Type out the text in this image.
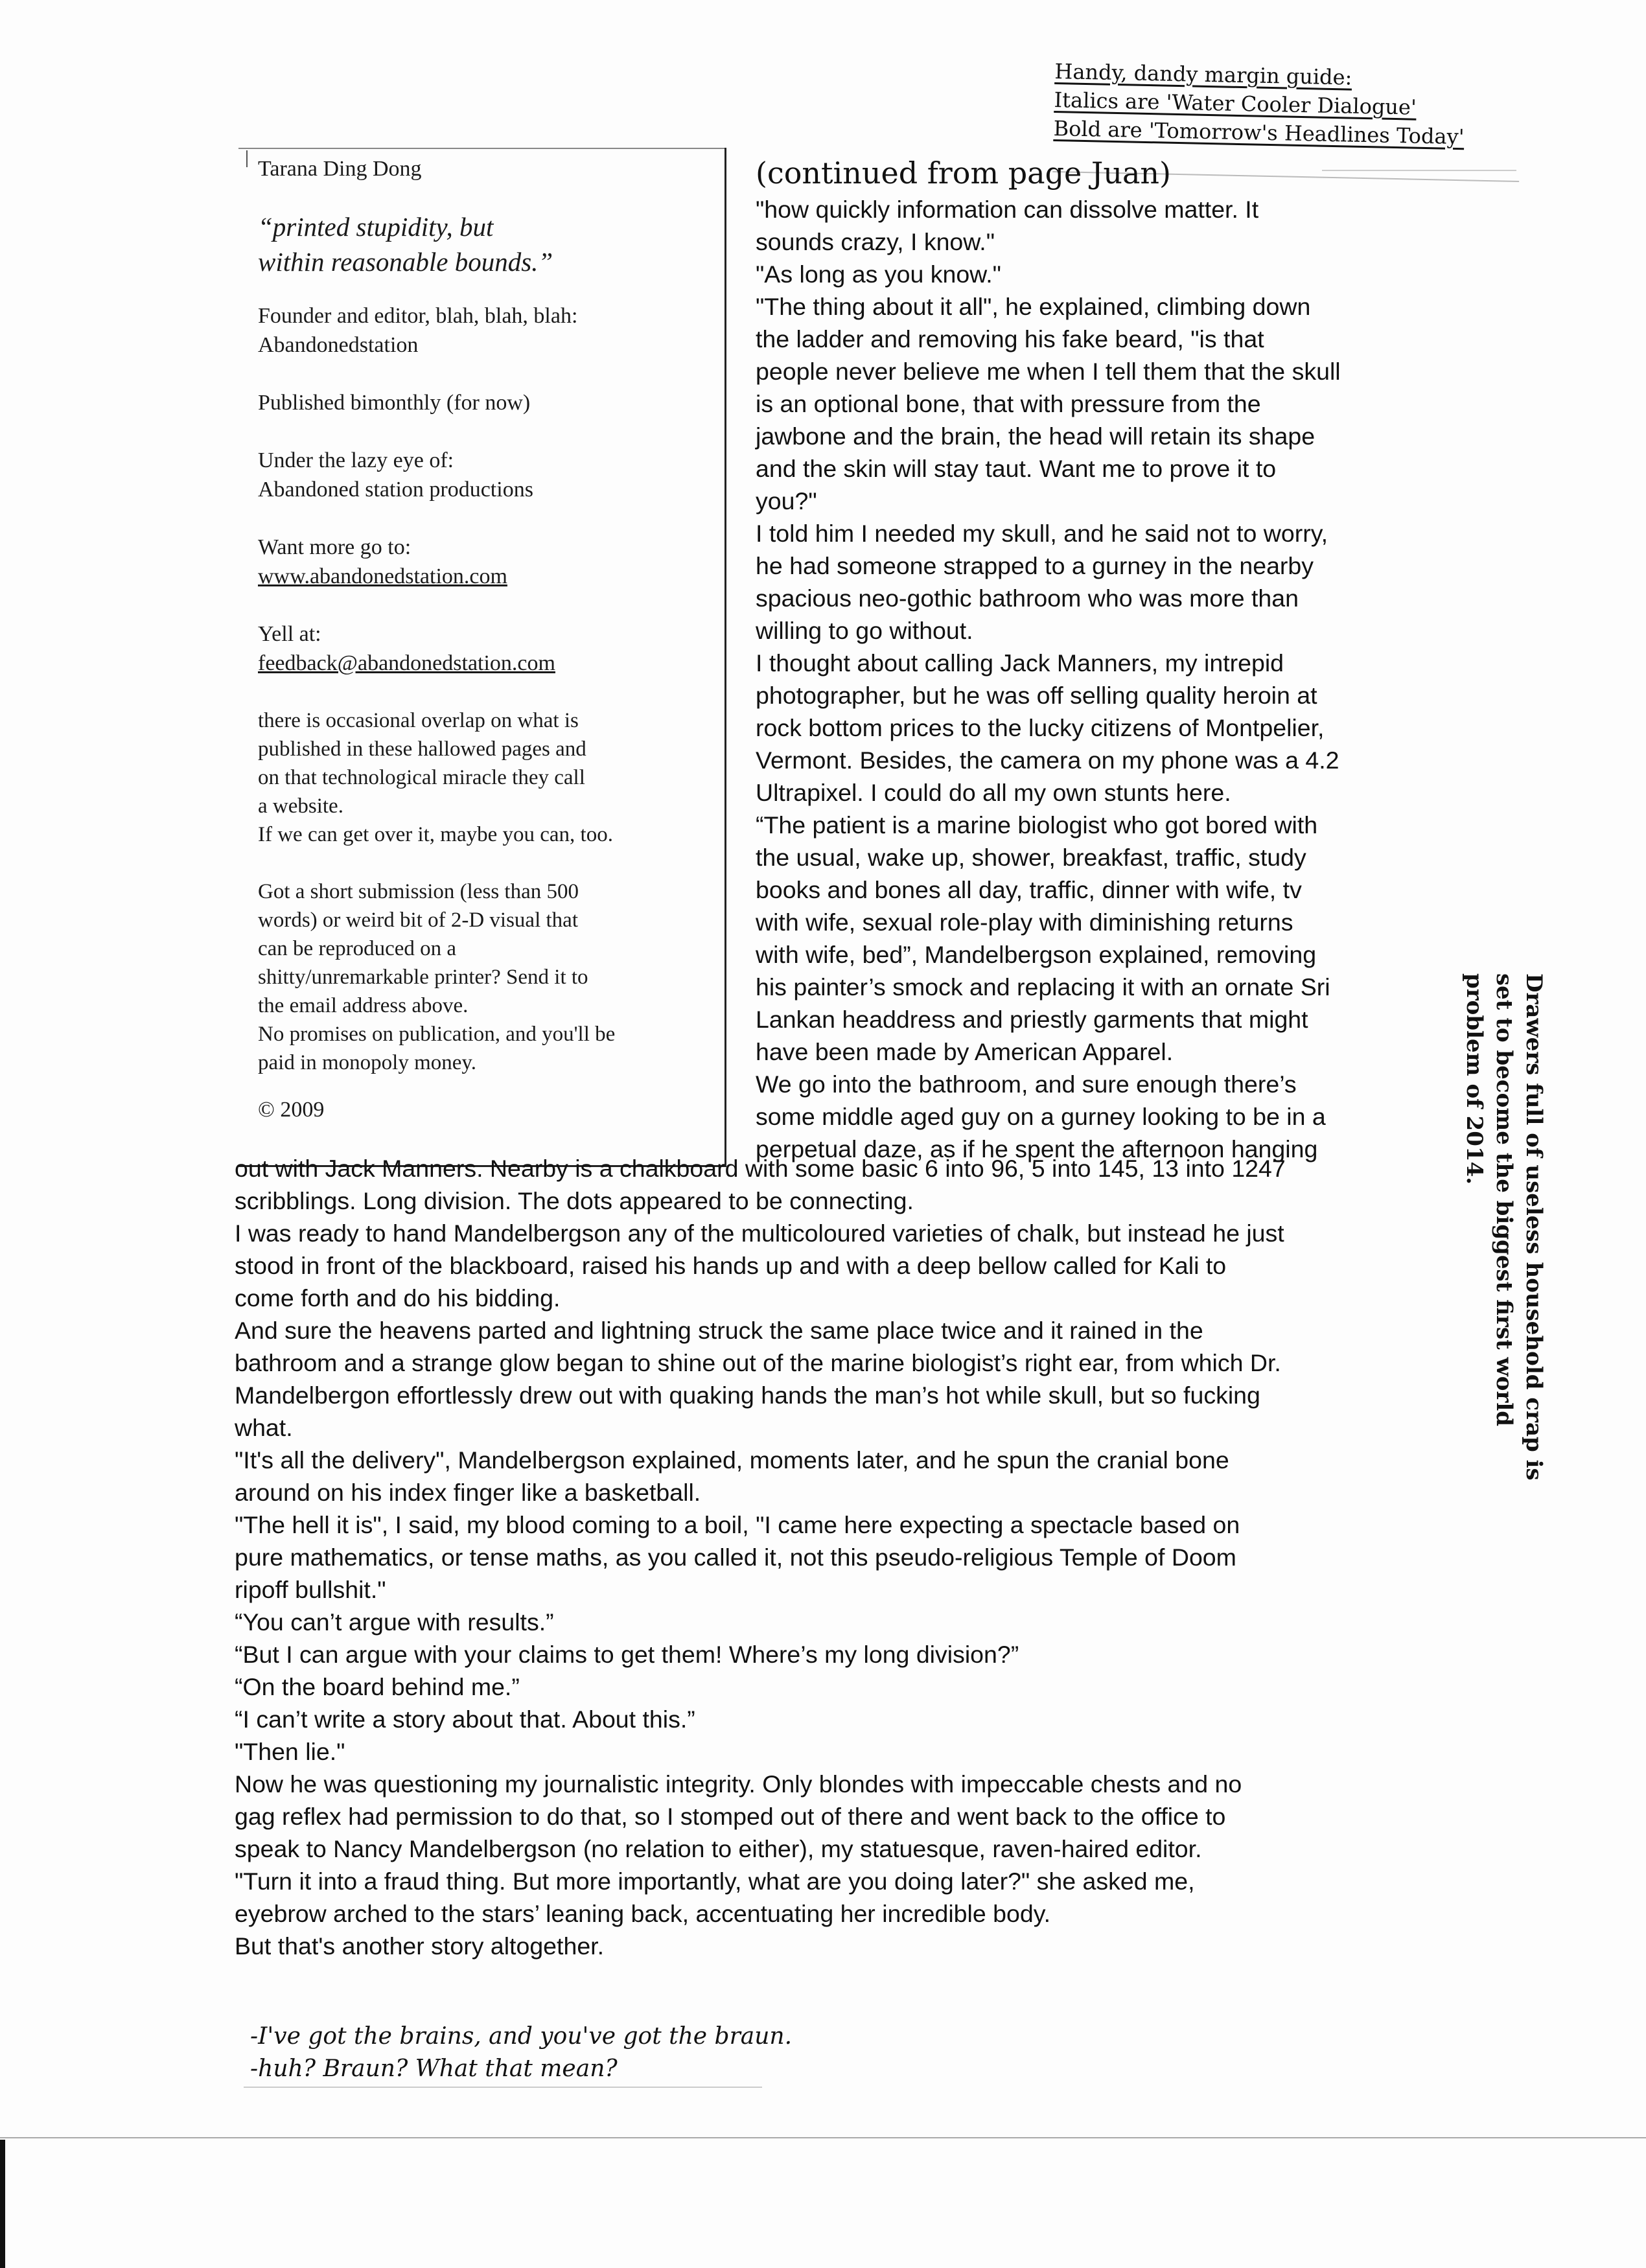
Handy, dandy margin guide:
Italics are 'Water Cooler Dialogue'
Bold are 'Tomorrow's Headlines Today'

Tarana Ding Dong

“printed stupidity, but

within reasonable bounds.”

Founder and editor, blah, blah, blah:

Abandonedstation

Published bimonthly (for now)

Under the lazy eye of:

Abandoned station productions

Want more go to:

www.abandonedstation.com

Yell at:

feedback@abandonedstation.com

there is occasional overlap on what is

published in these hallowed pages and

on that technological miracle they call

a website.

If we can get over it, maybe you can, too.

Got a short submission (less than 500

words) or weird bit of 2-D visual that

can be reproduced on a

shitty/unremarkable printer? Send it to

the email address above.

No promises on publication, and you'll be

paid in monopoly money.

© 2009

(continued from page Juan)

"how quickly information can dissolve matter. It

sounds crazy, I know."

"As long as you know."

"The thing about it all", he explained, climbing down

the ladder and removing his fake beard, "is that

people never believe me when I tell them that the skull

is an optional bone, that with pressure from the

jawbone and the brain, the head will retain its shape

and the skin will stay taut. Want me to prove it to

you?"

I told him I needed my skull, and he said not to worry,

he had someone strapped to a gurney in the nearby

spacious neo-gothic bathroom who was more than

willing to go without.

I thought about calling Jack Manners, my intrepid

photographer, but he was off selling quality heroin at

rock bottom prices to the lucky citizens of Montpelier,

Vermont. Besides, the camera on my phone was a 4.2

Ultrapixel. I could do all my own stunts here.

“The patient is a marine biologist who got bored with

the usual, wake up, shower, breakfast, traffic, study

books and bones all day, traffic, dinner with wife, tv

with wife, sexual role-play with diminishing returns

with wife, bed”, Mandelbergson explained, removing

his painter’s smock and replacing it with an ornate Sri

Lankan headdress and priestly garments that might

have been made by American Apparel.

We go into the bathroom, and sure enough there’s

some middle aged guy on a gurney looking to be in a

perpetual daze, as if he spent the afternoon hanging

out with Jack Manners. Nearby is a chalkboard with some basic 6 into 96, 5 into 145, 13 into 1247

scribblings. Long division. The dots appeared to be connecting.

I was ready to hand Mandelbergson any of the multicoloured varieties of chalk, but instead he just

stood in front of the blackboard, raised his hands up and with a deep bellow called for Kali to

come forth and do his bidding.

And sure the heavens parted and lightning struck the same place twice and it rained in the

bathroom and a strange glow began to shine out of the marine biologist’s right ear, from which Dr.

Mandelbergon effortlessly drew out with quaking hands the man’s hot while skull, but so fucking

what.

"It's all the delivery", Mandelbergson explained, moments later, and he spun the cranial bone

around on his index finger like a basketball.

"The hell it is", I said, my blood coming to a boil, "I came here expecting a spectacle based on

pure mathematics, or tense maths, as you called it, not this pseudo-religious Temple of Doom

ripoff bullshit."

“You can’t argue with results.”

“But I can argue with your claims to get them! Where’s my long division?”

“On the board behind me.”

“I can’t write a story about that. About this.”

"Then lie."

Now he was questioning my journalistic integrity. Only blondes with impeccable chests and no

gag reflex had permission to do that, so I stomped out of there and went back to the office to

speak to Nancy Mandelbergson (no relation to either), my statuesque, raven-haired editor.

"Turn it into a fraud thing. But more importantly, what are you doing later?" she asked me,

eyebrow arched to the stars’ leaning back, accentuating her incredible body.

But that's another story altogether.

Drawers full of useless household crap is
set to become the biggest first world
problem of 2014.
-I've got the brains, and you've got the braun.
-huh? Braun? What that mean?
